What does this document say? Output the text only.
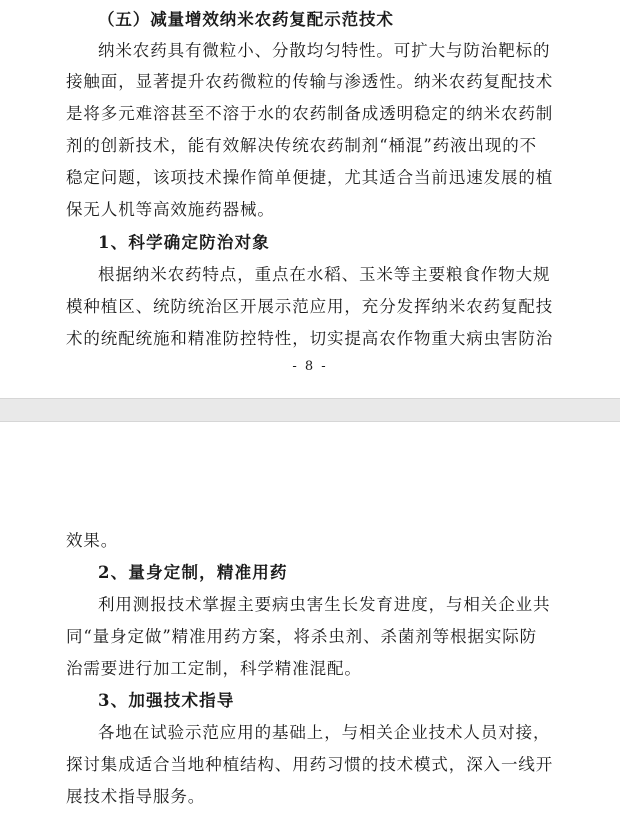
（五）减量增效纳米农药复配示范技术
纳米农药具有微粒小、分散均匀特性。可扩大与防治靶标的
接触面，显著提升农药微粒的传输与渗透性。纳米农药复配技术
是将多元难溶甚至不溶于水的农药制备成透明稳定的纳米农药制
剂的创新技术，能有效解决传统农药制剂“桶混”药液出现的不
稳定问题，该项技术操作简单便捷，尤其适合当前迅速发展的植
保无人机等高效施药器械。
1、科学确定防治对象
根据纳米农药特点，重点在水稻、玉米等主要粮食作物大规
模种植区、统防统治区开展示范应用，充分发挥纳米农药复配技
术的统配统施和精准防控特性，切实提高农作物重大病虫害防治
- 8 -
效果。
2、量身定制，精准用药
利用测报技术掌握主要病虫害生长发育进度，与相关企业共
同“量身定做”精准用药方案，将杀虫剂、杀菌剂等根据实际防
治需要进行加工定制，科学精准混配。
3、加强技术指导
各地在试验示范应用的基础上，与相关企业技术人员对接，
探讨集成适合当地种植结构、用药习惯的技术模式，深入一线开
展技术指导服务。
